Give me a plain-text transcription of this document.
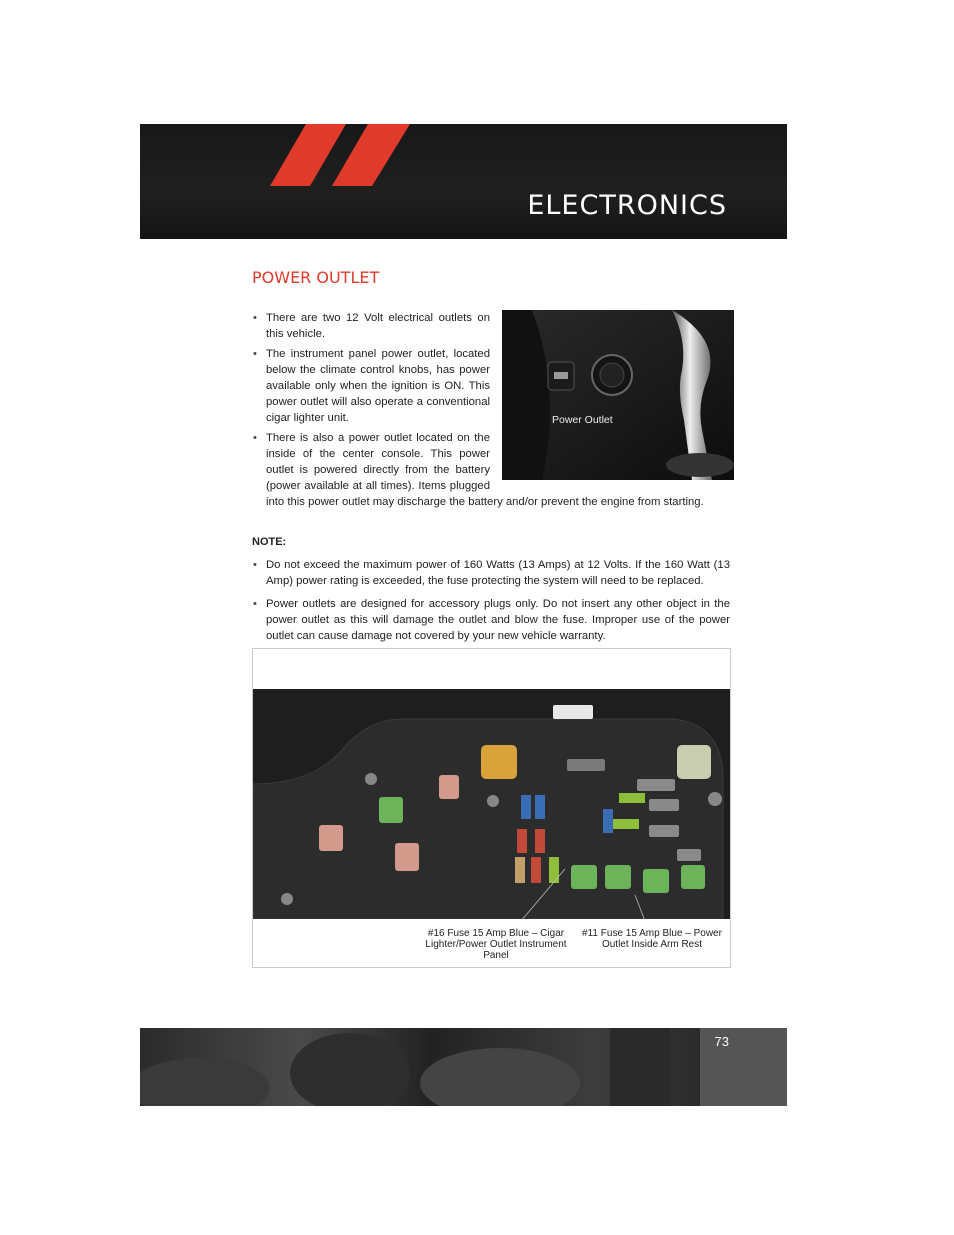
ELECTRONICS
POWER OUTLET
Power Outlet
• There are two 12 Volt electrical outlets on this vehicle.
• The instrument panel power outlet, located below the climate control knobs, has power available only when the ignition is ON. This power outlet will also operate a conventional cigar lighter unit.
• There is also a power outlet located on the inside of the center console. This power outlet is powered directly from the battery (power available at all times). Items plugged into this power outlet may discharge the battery and/or prevent the engine from starting.

NOTE:

• Do not exceed the maximum power of 160 Watts (13 Amps) at 12 Volts. If the 160 Watt (13 Amp) power rating is exceeded, the fuse protecting the system will need to be replaced.
• Power outlets are designed for accessory plugs only. Do not insert any other object in the power outlet as this will damage the outlet and blow the fuse. Improper use of the power outlet can cause damage not covered by your new vehicle warranty.
#16 Fuse 15 Amp Blue – Cigar Lighter/Power Outlet Instrument Panel
#11 Fuse 15 Amp Blue – Power Outlet Inside Arm Rest
73
